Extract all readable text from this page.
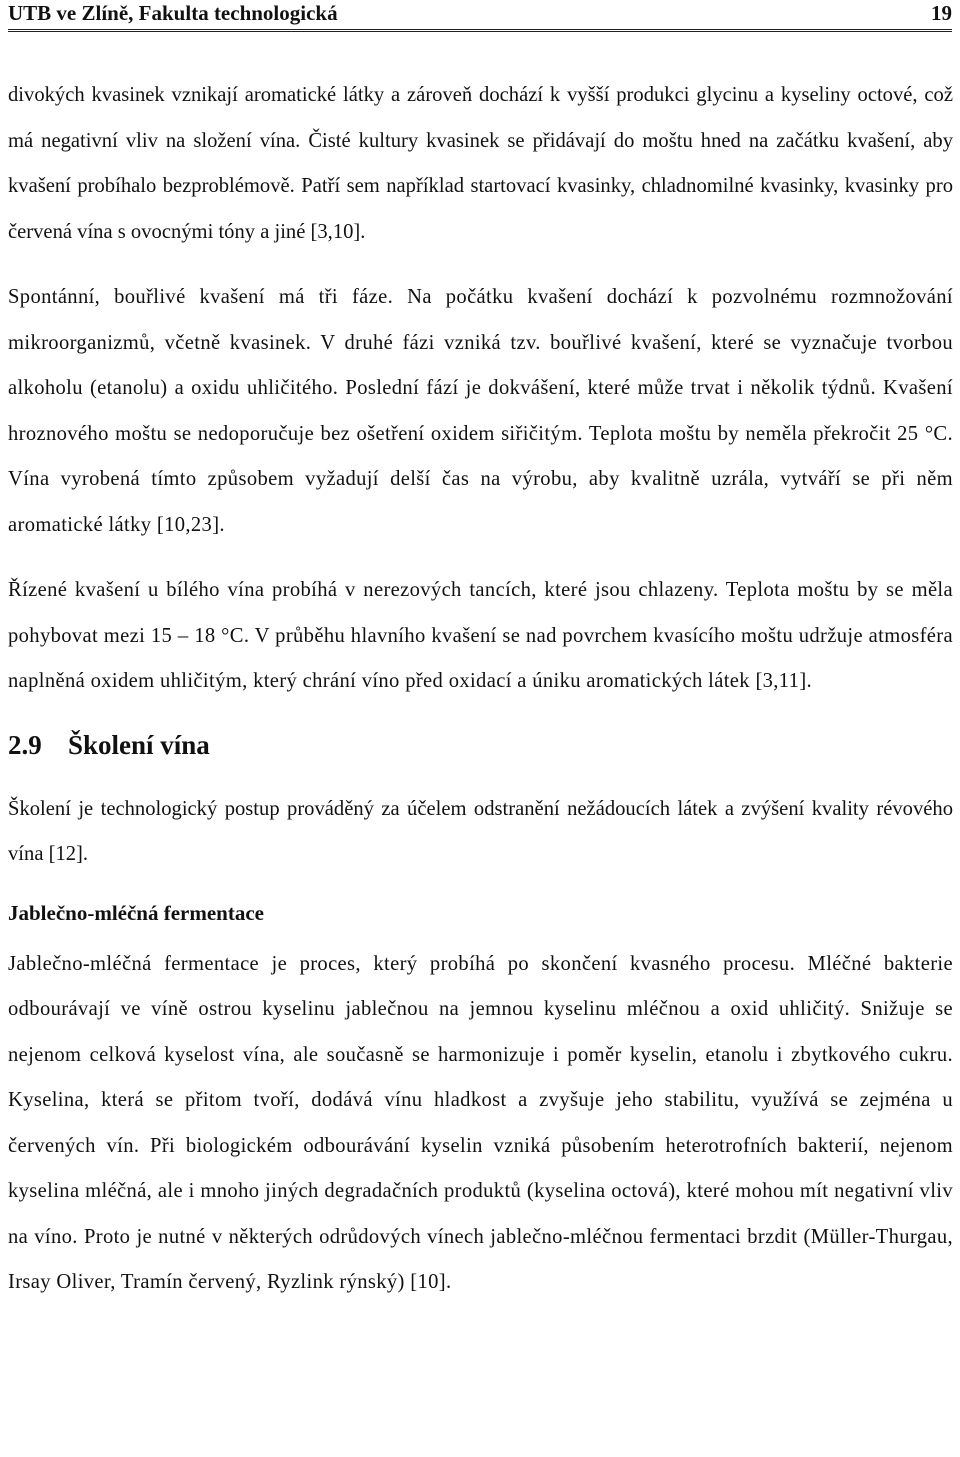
UTB ve Zlíně, Fakulta technologická	19

divokých kvasinek vznikají aromatické látky a zároveň dochází k vyšší produkci glycinu a kyseliny octové, což má negativní vliv na složení vína. Čisté kultury kvasinek se přidávají do moštu hned na začátku kvašení, aby kvašení probíhalo bezproblémově. Patří sem například startovací kvasinky, chladnomilné kvasinky, kvasinky pro červená vína s ovocnými tóny a jiné [3,10].

Spontánní, bouřlivé kvašení má tři fáze. Na počátku kvašení dochází k pozvolnému rozmnožování mikroorganizmů, včetně kvasinek. V druhé fázi vzniká tzv. bouřlivé kvašení, které se vyznačuje tvorbou alkoholu (etanolu) a oxidu uhličitého. Poslední fází je dokvášení, které může trvat i několik týdnů. Kvašení hroznového moštu se nedoporučuje bez ošetření oxidem siřičitým. Teplota moštu by neměla překročit 25 °C. Vína vyrobená tímto způsobem vyžadují delší čas na výrobu, aby kvalitně uzrála, vytváří se při něm aromatické látky [10,23].

Řízené kvašení u bílého vína probíhá v nerezových tancích, které jsou chlazeny. Teplota moštu by se měla pohybovat mezi 15 – 18 °C. V průběhu hlavního kvašení se nad povrchem kvasícího moštu udržuje atmosféra naplněná oxidem uhličitým, který chrání víno před oxidací a úniku aromatických látek [3,11].

2.9 Školení vína

Školení je technologický postup prováděný za účelem odstranění nežádoucích látek a zvýšení kvality révového vína [12].

Jablečno-mléčná fermentace

Jablečno-mléčná fermentace je proces, který probíhá po skončení kvasného procesu. Mléčné bakterie odbourávají ve víně ostrou kyselinu jablečnou na jemnou kyselinu mléčnou a oxid uhličitý. Snižuje se nejenom celková kyselost vína, ale současně se harmonizuje i poměr kyselin, etanolu i zbytkového cukru. Kyselina, která se přitom tvoří, dodává vínu hladkost a zvyšuje jeho stabilitu, využívá se zejména u červených vín. Při biologickém odbourávání kyselin vzniká působením heterotrofních bakterií, nejenom kyselina mléčná, ale i mnoho jiných degradačních produktů (kyselina octová), které mohou mít negativní vliv na víno. Proto je nutné v některých odrůdových vínech jablečno-mléčnou fermentaci brzdit (Müller-Thurgau, Irsay Oliver, Tramín červený, Ryzlink rýnský) [10].
